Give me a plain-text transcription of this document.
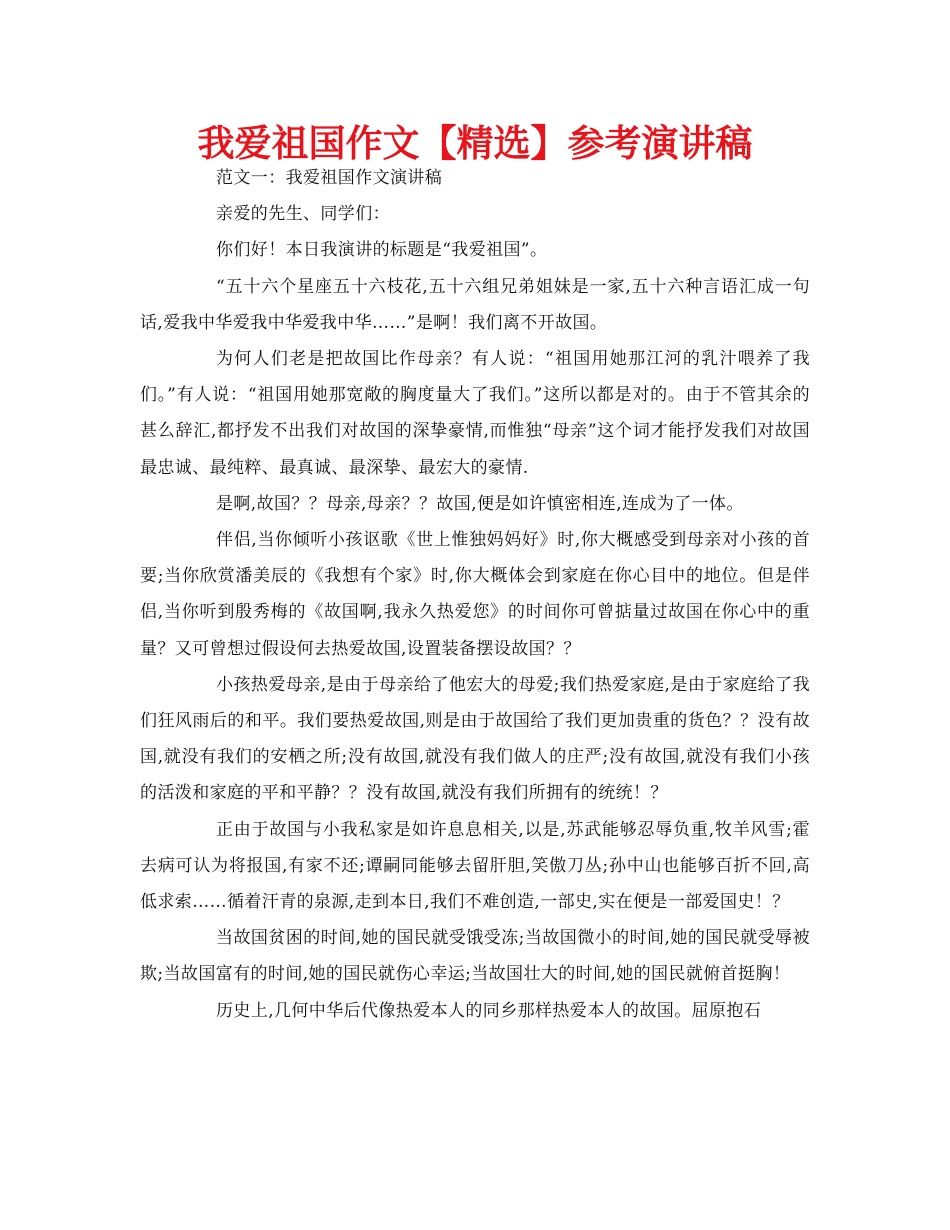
我爱祖国作文【精选】参考演讲稿

范文一：我爱祖国作文演讲稿

亲爱的先生、同学们：

你们好！本日我演讲的标题是“我爱祖国”。

“五十六个星座五十六枝花,五十六组兄弟姐妹是一家,五十六种言语汇成一句话,爱我中华爱我中华爱我中华……”是啊！我们离不开故国。

为何人们老是把故国比作母亲？有人说：“祖国用她那江河的乳汁喂养了我们。”有人说：“祖国用她那宽敞的胸度量大了我们。”这所以都是对的。由于不管其余的甚么辞汇,都抒发不出我们对故国的深挚豪情,而惟独“母亲”这个词才能抒发我们对故国最忠诚、最纯粹、最真诚、最深挚、最宏大的豪情.

是啊,故国？？母亲,母亲？？故国,便是如许慎密相连,连成为了一体。

伴侣,当你倾听小孩讴歌《世上惟独妈妈好》时,你大概感受到母亲对小孩的首要;当你欣赏潘美辰的《我想有个家》时,你大概体会到家庭在你心目中的地位。但是伴侣,当你听到殷秀梅的《故国啊,我永久热爱您》的时间你可曾掂量过故国在你心中的重量？又可曾想过假设何去热爱故国,设置装备摆设故国？？

小孩热爱母亲,是由于母亲给了他宏大的母爱;我们热爱家庭,是由于家庭给了我们狂风雨后的和平。我们要热爱故国,则是由于故国给了我们更加贵重的货色？？没有故国,就没有我们的安栖之所;没有故国,就没有我们做人的庄严;没有故国,就没有我们小孩的活泼和家庭的平和平静？？没有故国,就没有我们所拥有的统统！？

正由于故国与小我私家是如许息息相关,以是,苏武能够忍辱负重,牧羊风雪;霍去病可认为将报国,有家不还;谭嗣同能够去留肝胆,笑傲刀丛;孙中山也能够百折不回,高低求索……循着汗青的泉源,走到本日,我们不难创造,一部史,实在便是一部爱国史！？

当故国贫困的时间,她的国民就受饿受冻;当故国微小的时间,她的国民就受辱被欺;当故国富有的时间,她的国民就伤心幸运;当故国壮大的时间,她的国民就俯首挺胸！

历史上,几何中华后代像热爱本人的同乡那样热爱本人的故国。屈原抱石
